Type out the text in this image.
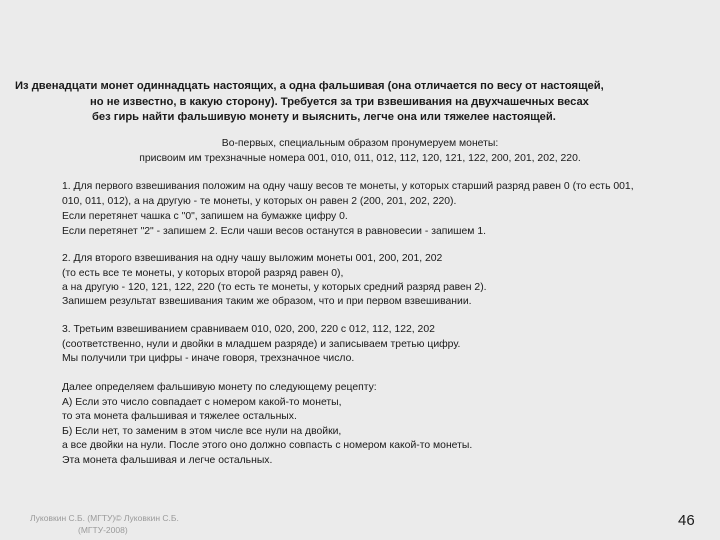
Из двенадцати монет одиннадцать настоящих, а одна фальшивая (она отличается по весу от настоящей,
но не известно, в какую сторону). Требуется за три взвешивания на двухчашечных весах
без гирь найти фальшивую монету и выяснить, легче она или тяжелее настоящей.
Во-первых, специальным образом пронумеруем монеты:
присвоим им трехзначные номера 001, 010, 011, 012, 112, 120, 121, 122, 200, 201, 202, 220.
1. Для первого взвешивания положим на одну чашу весов те монеты, у которых старший разряд равен 0 (то есть 001,
010, 011, 012), а на другую - те монеты, у которых он равен 2 (200, 201, 202, 220).
Если перетянет чашка с "0", запишем на бумажке цифру 0.
Если перетянет "2" - запишем 2. Если чаши весов останутся в равновесии - запишем 1.
2. Для второго взвешивания на одну чашу выложим монеты 001, 200, 201, 202
(то есть все те монеты, у которых второй разряд равен 0),
а на другую - 120, 121, 122, 220 (то есть те монеты, у которых средний разряд равен 2).
Запишем результат взвешивания таким же образом, что и при первом взвешивании.
3. Третьим взвешиванием сравниваем 010, 020, 200, 220 с 012, 112, 122, 202
(соответственно, нули и двойки в младшем разряде) и записываем третью цифру.
Мы получили три цифры - иначе говоря, трехзначное число.
Далее определяем фальшивую монету по следующему рецепту:
А) Если это число совпадает с номером какой-то монеты,
то эта монета фальшивая и тяжелее остальных.
Б) Если нет, то заменим в этом числе все нули на двойки,
а все двойки на нули. После этого оно должно совпасть с номером какой-то монеты.
Эта монета фальшивая и легче остальных.
Луковкин С.Б. (МГТУ)© Луковкин С.Б.
(МГТУ-2008)
46
